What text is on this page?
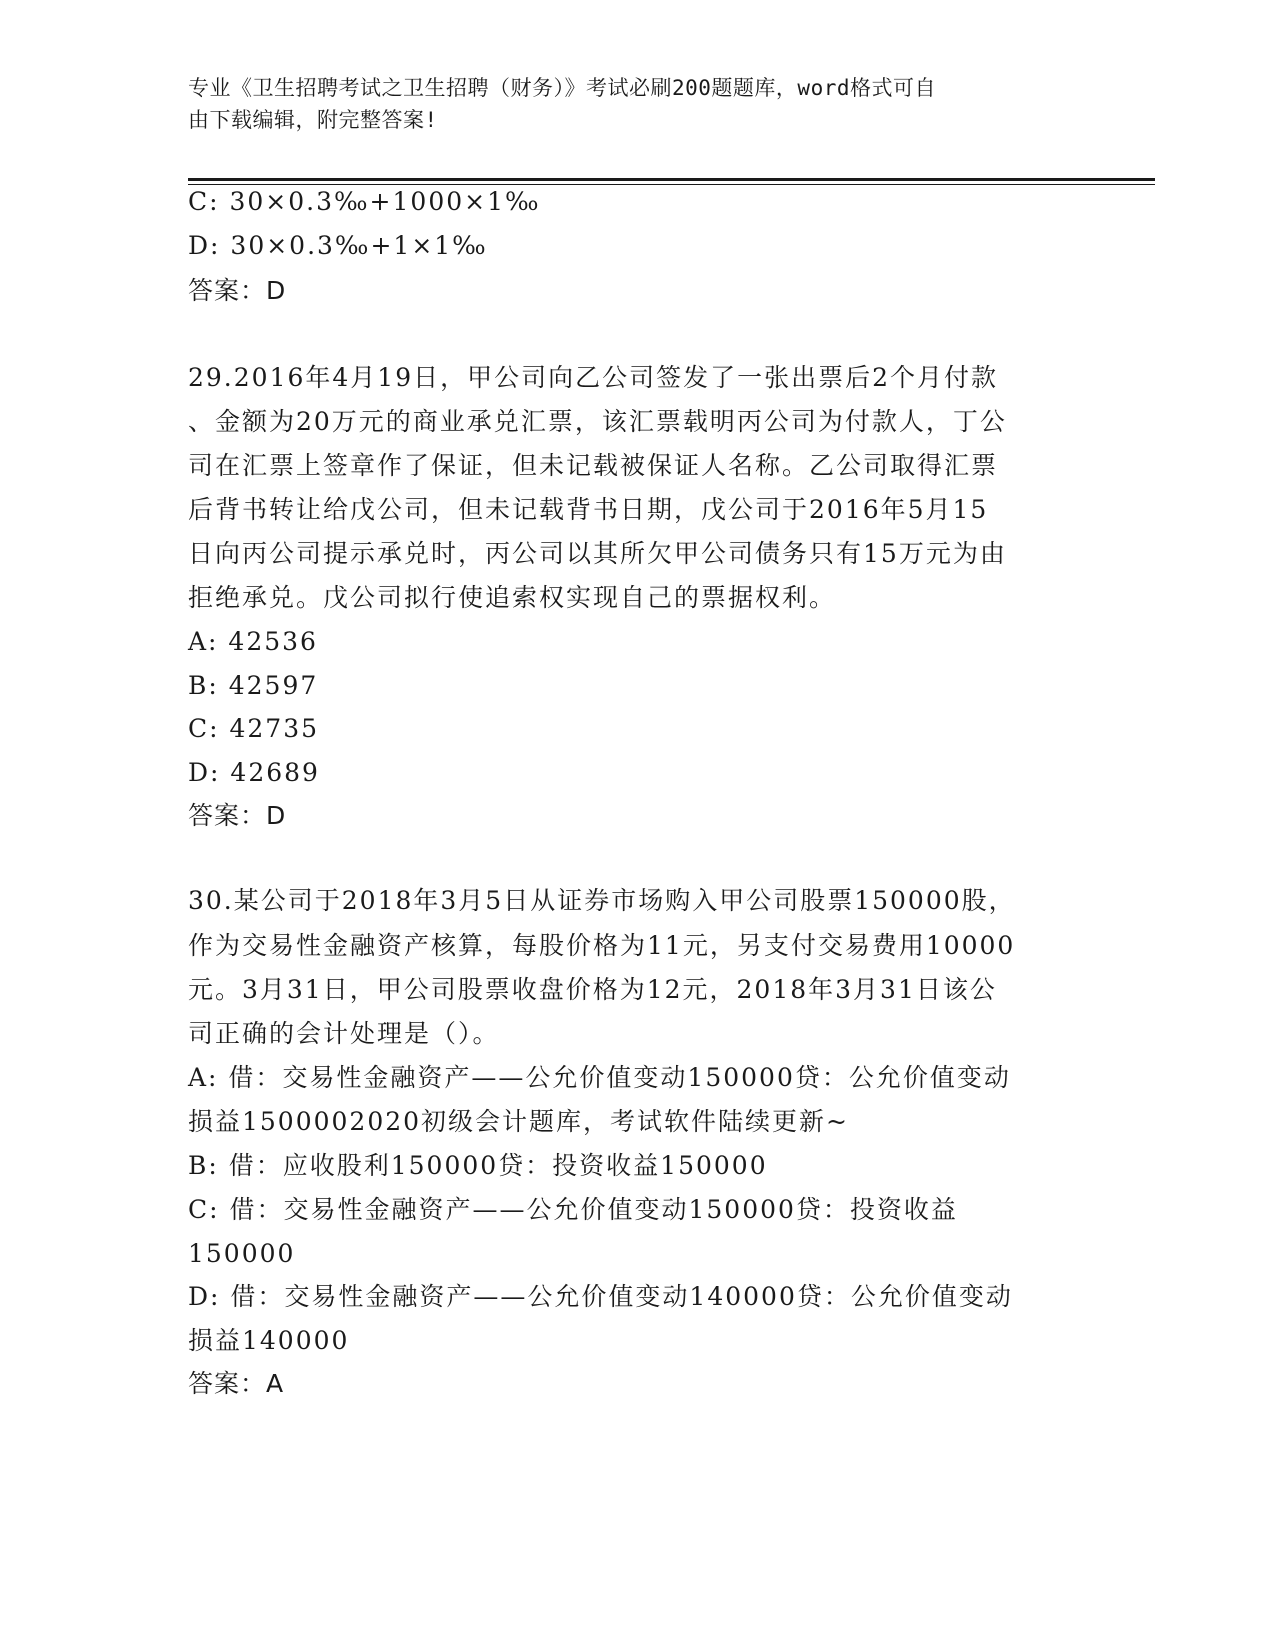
专业《卫生招聘考试之卫生招聘（财务）》考试必刷200题题库，word格式可自
由下载编辑，附完整答案!
C: 30×0.3‰+1000×1‰
D: 30×0.3‰+1×1‰
答案：D
29.2016年4月19日，甲公司向乙公司签发了一张出票后2个月付款
、金额为20万元的商业承兑汇票，该汇票载明丙公司为付款人，丁公
司在汇票上签章作了保证，但未记载被保证人名称。乙公司取得汇票
后背书转让给戊公司，但未记载背书日期，戊公司于2016年5月15
日向丙公司提示承兑时，丙公司以其所欠甲公司债务只有15万元为由
拒绝承兑。戊公司拟行使追索权实现自己的票据权利。
A: 42536
B: 42597
C: 42735
D: 42689
答案：D
30.某公司于2018年3月5日从证券市场购入甲公司股票150000股，
作为交易性金融资产核算，每股价格为11元，另支付交易费用10000
元。3月31日，甲公司股票收盘价格为12元，2018年3月31日该公
司正确的会计处理是（）。
A: 借：交易性金融资产——公允价值变动150000贷：公允价值变动
损益1500002020初级会计题库，考试软件陆续更新~
B: 借：应收股利150000贷：投资收益150000
C: 借：交易性金融资产——公允价值变动150000贷：投资收益
150000
D: 借：交易性金融资产——公允价值变动140000贷：公允价值变动
损益140000
答案：A
